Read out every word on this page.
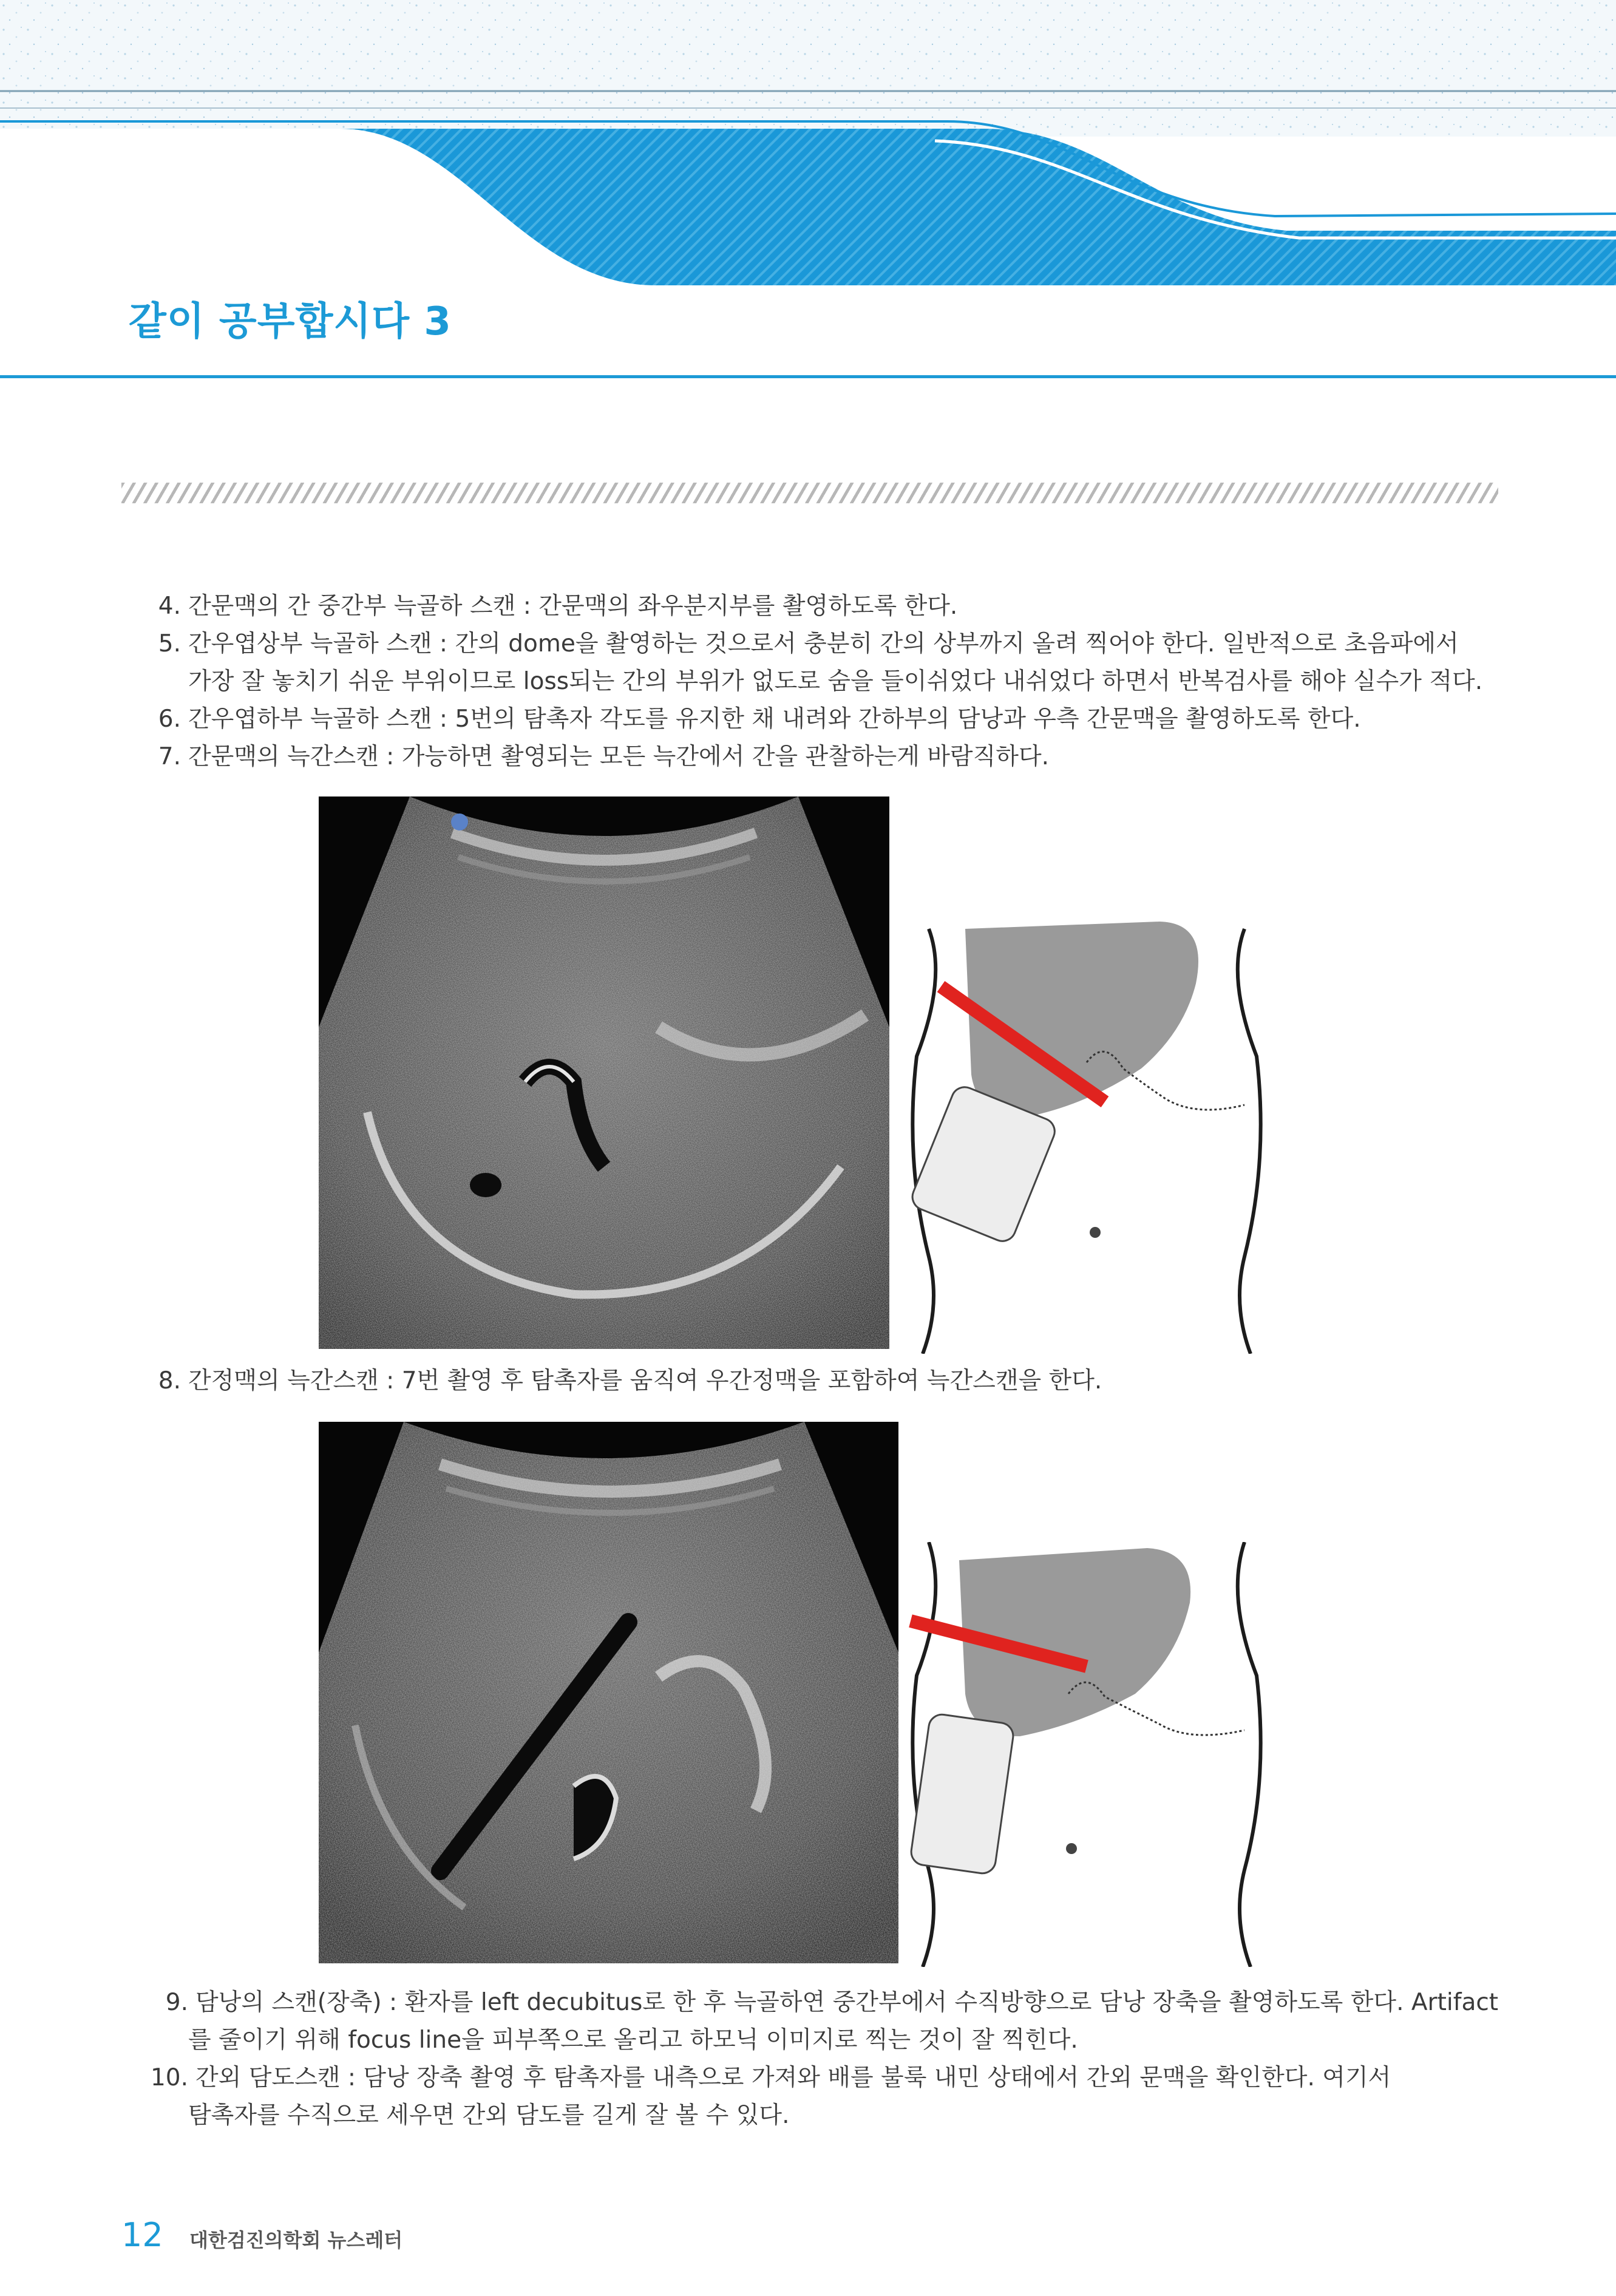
같이 공부합시다 3
4. 간문맥의 간 중간부 늑골하 스캔 : 간문맥의 좌우분지부를 촬영하도록 한다.
5. 간우엽상부 늑골하 스캔 : 간의 dome을 촬영하는 것으로서 충분히 간의 상부까지 올려 찍어야 한다. 일반적으로 초음파에서
가장 잘 놓치기 쉬운 부위이므로 loss되는 간의 부위가 없도로 숨을 들이쉬었다 내쉬었다 하면서 반복검사를 해야 실수가 적다.
6. 간우엽하부 늑골하 스캔 : 5번의 탐촉자 각도를 유지한 채 내려와 간하부의 담낭과 우측 간문맥을 촬영하도록 한다.
7. 간문맥의 늑간스캔 : 가능하면 촬영되는 모든 늑간에서 간을 관찰하는게 바람직하다.
8. 간정맥의 늑간스캔 : 7번 촬영 후 탐촉자를 움직여 우간정맥을 포함하여 늑간스캔을 한다.
9. 담낭의 스캔(장축) : 환자를 left decubitus로 한 후 늑골하연 중간부에서 수직방향으로 담낭 장축을 촬영하도록 한다. Artifact
를 줄이기 위해 focus line을 피부쪽으로 올리고 하모닉 이미지로 찍는 것이 잘 찍힌다.
10. 간외 담도스캔 : 담낭 장축 촬영 후 탐촉자를 내측으로 가져와 배를 불룩 내민 상태에서 간외 문맥을 확인한다. 여기서
탐촉자를 수직으로 세우면 간외 담도를 길게 잘 볼 수 있다.
12 대한검진의학회 뉴스레터
